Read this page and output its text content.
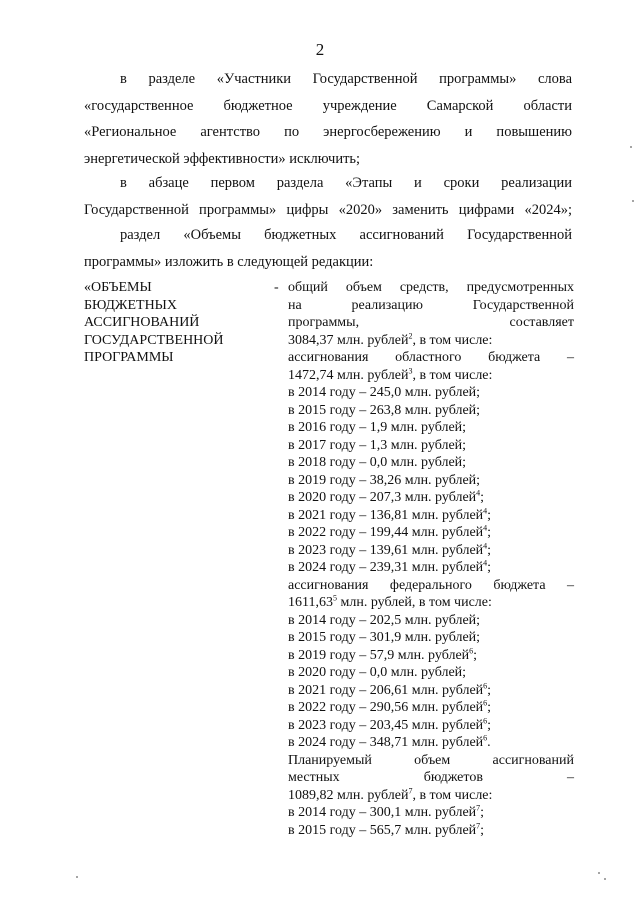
2
в разделе «Участники Государственной программы» слова
«государственное бюджетное учреждение Самарской области
«Региональное агентство по энергосбережению и повышению
энергетической эффективности» исключить;
в абзаце первом раздела «Этапы и сроки реализации
Государственной программы» цифры «2020» заменить цифрами «2024»;
раздел «Объемы бюджетных ассигнований Государственной
программы» изложить в следующей редакции:
«ОБЪЕМЫ
БЮДЖЕТНЫХ
АССИГНОВАНИЙ
ГОСУДАРСТВЕННОЙ
ПРОГРАММЫ
- общий объем средств, предусмотренных
на реализацию Государственной
программы, составляет
3084,37 млн. рублей$^2$, в том числе:
ассигнования областного бюджета –
1472,74 млн. рублей$^3$, в том числе:
в 2014 году – 245,0 млн. рублей;
в 2015 году – 263,8 млн. рублей;
в 2016 году – 1,9 млн. рублей;
в 2017 году – 1,3 млн. рублей;
в 2018 году – 0,0 млн. рублей;
в 2019 году – 38,26 млн. рублей;
в 2020 году – 207,3 млн. рублей$^4$;
в 2021 году – 136,81 млн. рублей$^4$;
в 2022 году – 199,44 млн. рублей$^4$;
в 2023 году – 139,61 млн. рублей$^4$;
в 2024 году – 239,31 млн. рублей$^4$;
ассигнования федерального бюджета –
1611,63$^5$ млн. рублей, в том числе:
в 2014 году – 202,5 млн. рублей;
в 2015 году – 301,9 млн. рублей;
в 2019 году – 57,9 млн. рублей$^6$;
в 2020 году – 0,0 млн. рублей;
в 2021 году – 206,61 млн. рублей$^6$;
в 2022 году – 290,56 млн. рублей$^6$;
в 2023 году – 203,45 млн. рублей$^6$;
в 2024 году – 348,71 млн. рублей$^6$.
Планируемый объем ассигнований
местных бюджетов –
1089,82 млн. рублей$^7$, в том числе:
в 2014 году – 300,1 млн. рублей$^7$;
в 2015 году – 565,7 млн. рублей$^7$;
